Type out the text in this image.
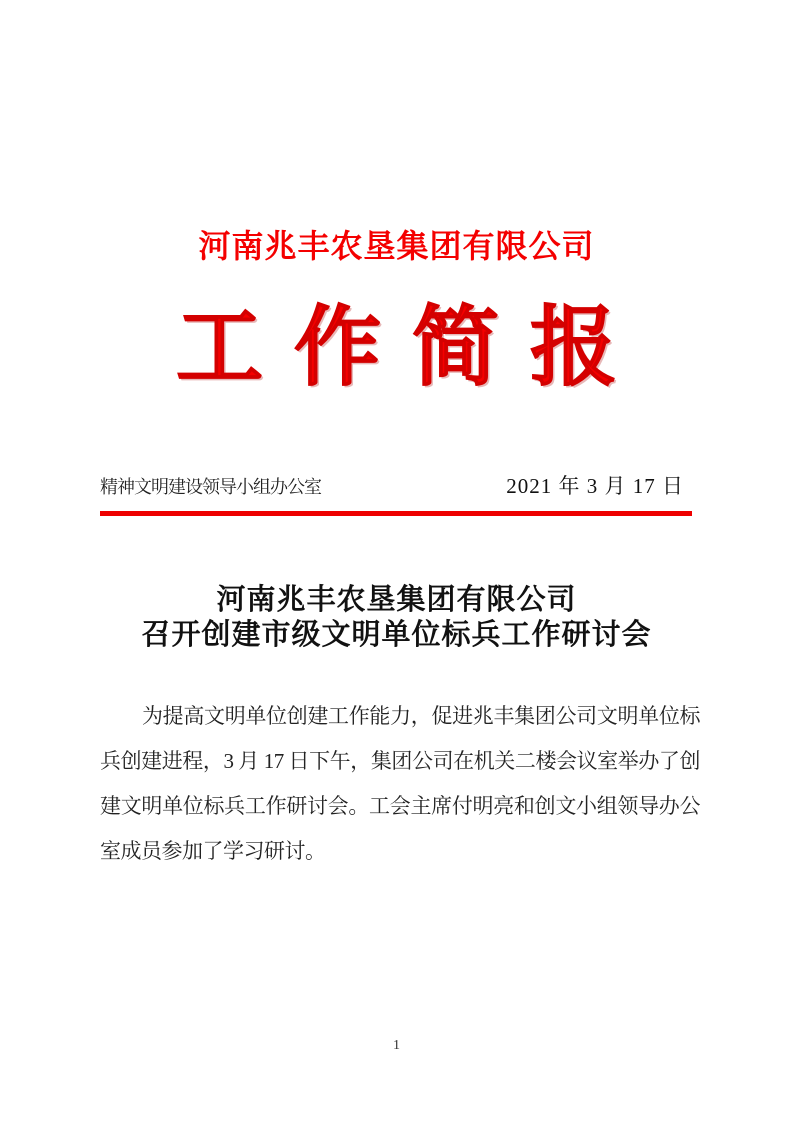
河南兆丰农垦集团有限公司
工作简报
精神文明建设领导小组办公室	2021 年 3 月 17 日
河南兆丰农垦集团有限公司
召开创建市级文明单位标兵工作研讨会

为提高文明单位创建工作能力，促进兆丰集团公司文明单位标兵创建进程，3 月 17 日下午，集团公司在机关二楼会议室举办了创建文明单位标兵工作研讨会。工会主席付明亮和创文小组领导办公室成员参加了学习研讨。

1
